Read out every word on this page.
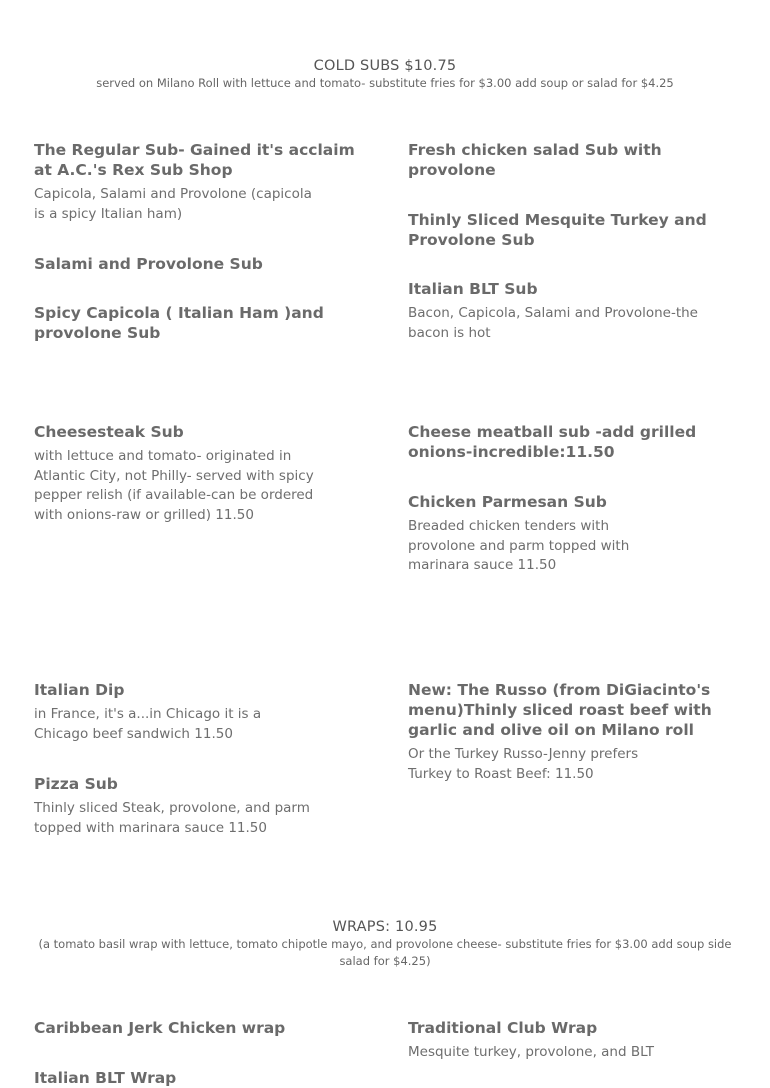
COLD SUBS $10.75
served on Milano Roll with lettuce and tomato- substitute fries for $3.00 add soup or salad for $4.25
The Regular Sub- Gained it's acclaim at A.C.'s Rex Sub Shop
Capicola, Salami and Provolone (capicola is a spicy Italian ham)
Salami and Provolone Sub
Spicy Capicola ( Italian Ham )and provolone Sub
Fresh chicken salad Sub with provolone
Thinly Sliced Mesquite Turkey and Provolone Sub
Italian BLT Sub
Bacon, Capicola, Salami and Provolone-the bacon is hot
Cheesesteak Sub
with lettuce and tomato- originated in Atlantic City, not Philly- served with spicy pepper relish (if available-can be ordered with onions-raw or grilled) 11.50
Cheese meatball sub -add grilled onions-incredible:11.50
Chicken Parmesan Sub
Breaded chicken tenders with provolone and parm topped with marinara sauce 11.50
Italian Dip
in France, it's a...in Chicago it is a Chicago beef sandwich 11.50
Pizza Sub
Thinly sliced Steak, provolone, and parm topped with marinara sauce 11.50
New: The Russo (from DiGiacinto's menu)Thinly sliced roast beef with garlic and olive oil on Milano roll
Or the Turkey Russo-Jenny prefers Turkey to Roast Beef: 11.50
WRAPS: 10.95
(a tomato basil wrap with lettuce, tomato chipotle mayo, and provolone cheese- substitute fries for $3.00 add soup side salad for $4.25)
Caribbean Jerk Chicken wrap
Italian BLT Wrap
Traditional Club Wrap
Mesquite turkey, provolone, and BLT
